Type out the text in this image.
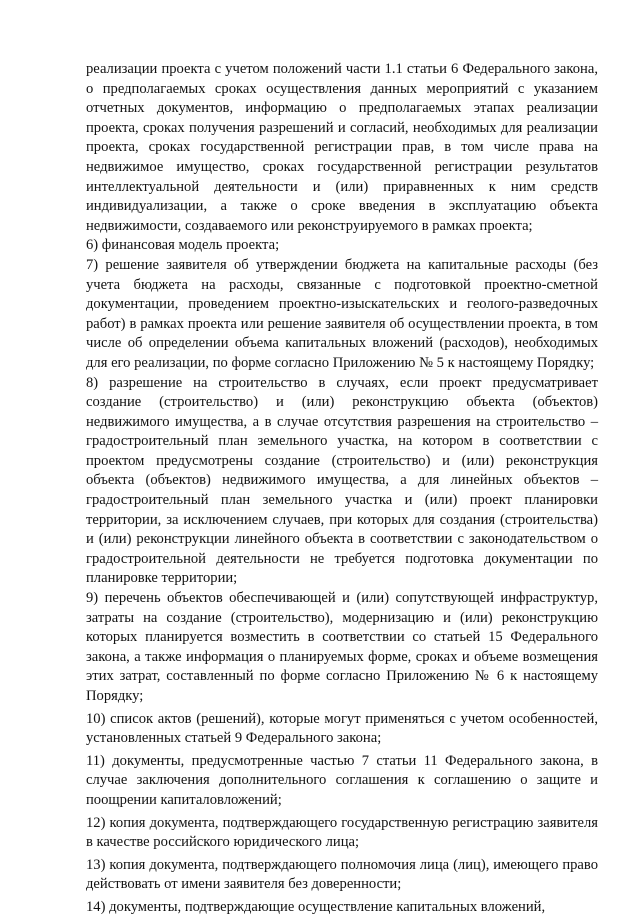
реализации проекта с учетом положений части 1.1 статьи 6 Федерального закона, о предполагаемых сроках осуществления данных мероприятий с указанием отчетных документов, информацию о предполагаемых этапах реализации проекта, сроках получения разрешений и согласий, необходимых для реализации проекта, сроках государственной регистрации прав, в том числе права на недвижимое имущество, сроках государственной регистрации результатов интеллектуальной деятельности и (или) приравненных к ним средств индивидуализации, а также о сроке введения в эксплуатацию объекта недвижимости, создаваемого или реконструируемого в рамках проекта;

6) финансовая модель проекта;

7) решение заявителя об утверждении бюджета на капитальные расходы (без учета бюджета на расходы, связанные с подготовкой проектно-сметной документации, проведением проектно-изыскательских и геолого-разведочных работ) в рамках проекта или решение заявителя об осуществлении проекта, в том числе об определении объема капитальных вложений (расходов), необходимых для его реализации, по форме согласно Приложению № 5 к настоящему Порядку;

8) разрешение на строительство в случаях, если проект предусматривает создание (строительство) и (или) реконструкцию объекта (объектов) недвижимого имущества, а в случае отсутствия разрешения на строительство – градостроительный план земельного участка, на котором в соответствии с проектом предусмотрены создание (строительство) и (или) реконструкция объекта (объектов) недвижимого имущества, а для линейных объектов – градостроительный план земельного участка и (или) проект планировки территории, за исключением случаев, при которых для создания (строительства) и (или) реконструкции линейного объекта в соответствии с законодательством о градостроительной деятельности не требуется подготовка документации по планировке территории;

9) перечень объектов обеспечивающей и (или) сопутствующей инфраструктур, затраты на создание (строительство), модернизацию и (или) реконструкцию которых планируется возместить в соответствии со статьей 15 Федерального закона, а также информация о планируемых форме, сроках и объеме возмещения этих затрат, составленный по форме согласно Приложению № 6 к настоящему Порядку;

10) список актов (решений), которые могут применяться с учетом особенностей, установленных статьей 9 Федерального закона;

11) документы, предусмотренные частью 7 статьи 11 Федерального закона, в случае заключения дополнительного соглашения к соглашению о защите и поощрении капиталовложений;

12) копия документа, подтверждающего государственную регистрацию заявителя в качестве российского юридического лица;

13) копия документа, подтверждающего полномочия лица (лиц), имеющего право действовать от имени заявителя без доверенности;

14) документы, подтверждающие осуществление капитальных вложений,
